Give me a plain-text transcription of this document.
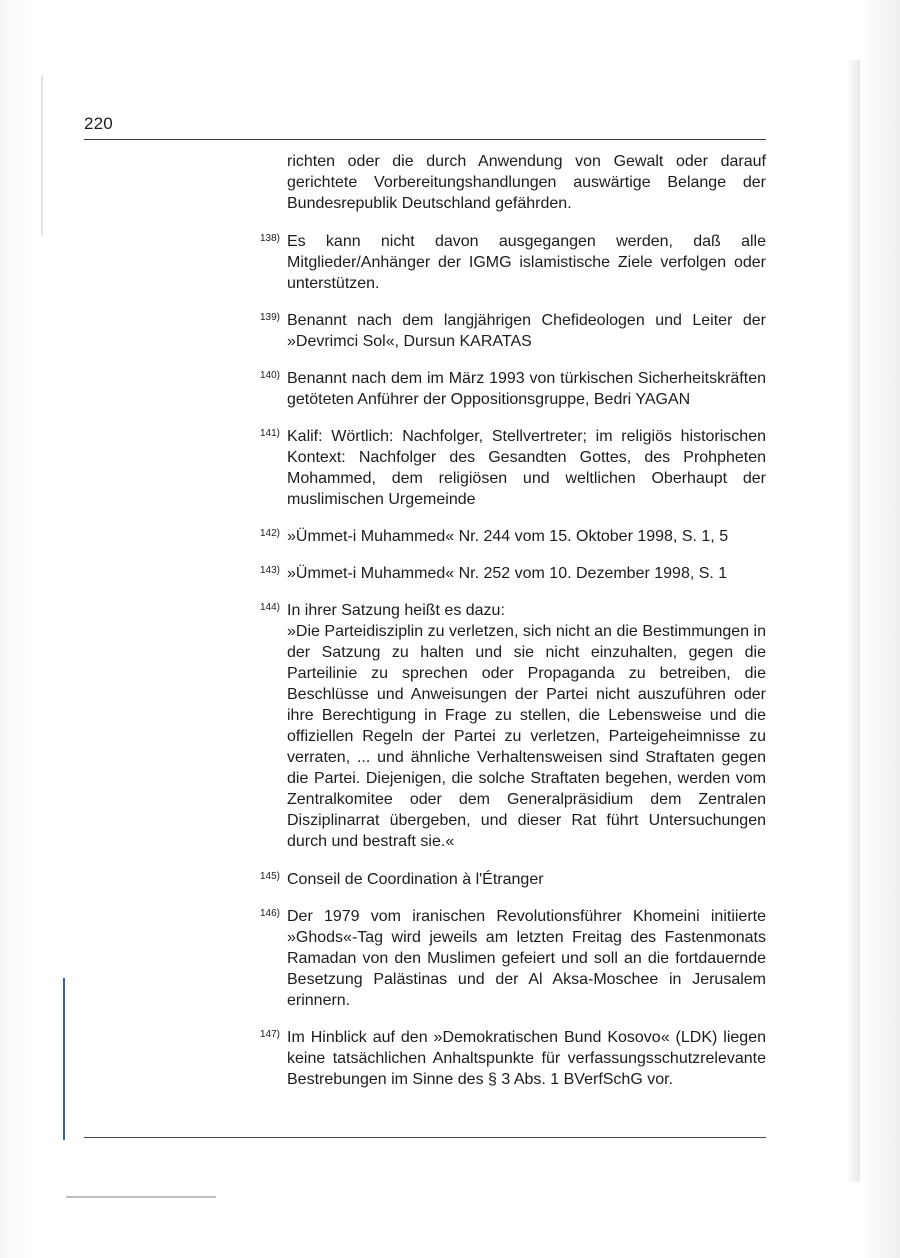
220

richten oder die durch Anwendung von Gewalt oder darauf gerichtete Vorbereitungshandlungen auswärtige Belange der Bundesrepublik Deutschland gefährden.

138) Es kann nicht davon ausgegangen werden, daß alle Mitglieder/Anhänger der IGMG islamistische Ziele verfolgen oder unterstützen.

139) Benannt nach dem langjährigen Chefideologen und Leiter der »Devrimci Sol«, Dursun KARATAS

140) Benannt nach dem im März 1993 von türkischen Sicherheitskräften getöteten Anführer der Oppositionsgruppe, Bedri YAGAN

141) Kalif: Wörtlich: Nachfolger, Stellvertreter; im religiös historischen Kontext: Nachfolger des Gesandten Gottes, des Prohpheten Mohammed, dem religiösen und weltlichen Oberhaupt der muslimischen Urgemeinde

142) »Ümmet-i Muhammed« Nr. 244 vom 15. Oktober 1998, S. 1, 5

143) »Ümmet-i Muhammed« Nr. 252 vom 10. Dezember 1998, S. 1

144) In ihrer Satzung heißt es dazu:

»Die Parteidisziplin zu verletzen, sich nicht an die Bestimmungen in der Satzung zu halten und sie nicht einzuhalten, gegen die Parteilinie zu sprechen oder Propaganda zu betreiben, die Beschlüsse und Anweisungen der Partei nicht auszuführen oder ihre Berechtigung in Frage zu stellen, die Lebensweise und die offiziellen Regeln der Partei zu verletzen, Parteigeheimnisse zu verraten, ... und ähnliche Verhaltensweisen sind Straftaten gegen die Partei. Diejenigen, die solche Straftaten begehen, werden vom Zentralkomitee oder dem Generalpräsidium dem Zentralen Disziplinarrat übergeben, und dieser Rat führt Untersuchungen durch und bestraft sie.«

145) Conseil de Coordination à l'Étranger

146) Der 1979 vom iranischen Revolutionsführer Khomeini initiierte »Ghods«-Tag wird jeweils am letzten Freitag des Fastenmonats Ramadan von den Muslimen gefeiert und soll an die fortdauernde Besetzung Palästinas und der Al Aksa-Moschee in Jerusalem erinnern.

147) Im Hinblick auf den »Demokratischen Bund Kosovo« (LDK) liegen keine tatsächlichen Anhaltspunkte für verfassungsschutzrelevante Bestrebungen im Sinne des § 3 Abs. 1 BVerfSchG vor.
